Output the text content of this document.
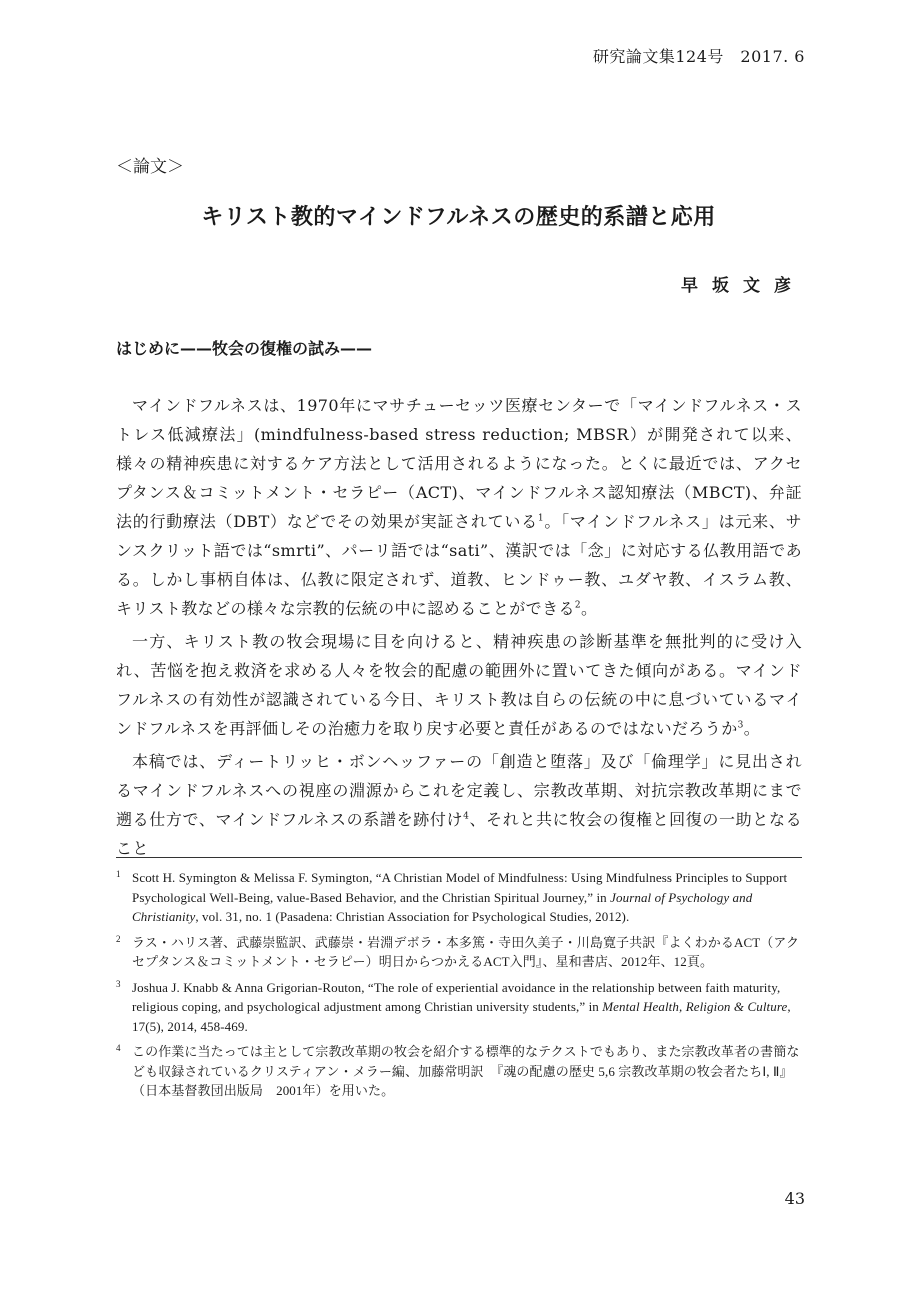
研究論文集124号　2017. 6
＜論文＞
キリスト教的マインドフルネスの歴史的系譜と応用
早坂文彦
はじめに——牧会の復権の試み——

マインドフルネスは、1970年にマサチューセッツ医療センターで「マインドフルネス・ストレス低減療法」(mindfulness-based stress reduction; MBSR）が開発されて以来、様々の精神疾患に対するケア方法として活用されるようになった。とくに最近では、アクセプタンス＆コミットメント・セラピー（ACT)、マインドフルネス認知療法（MBCT)、弁証法的行動療法（DBT）などでその効果が実証されている$^1$。「マインドフルネス」は元来、サンスクリット語では“smrti”、パーリ語では“sati”、漢訳では「念」に対応する仏教用語である。しかし事柄自体は、仏教に限定されず、道教、ヒンドゥー教、ユダヤ教、イスラム教、キリスト教などの様々な宗教的伝統の中に認めることができる$^2$。

一方、キリスト教の牧会現場に目を向けると、精神疾患の診断基準を無批判的に受け入れ、苦悩を抱え救済を求める人々を牧会的配慮の範囲外に置いてきた傾向がある。マインドフルネスの有効性が認識されている今日、キリスト教は自らの伝統の中に息づいているマインドフルネスを再評価しその治癒力を取り戻す必要と責任があるのではないだろうか$^3$。

本稿では、ディートリッヒ・ボンヘッファーの「創造と堕落」及び「倫理学」に見出されるマインドフルネスへの視座の淵源からこれを定義し、宗教改革期、対抗宗教改革期にまで遡る仕方で、マインドフルネスの系譜を跡付け$^4$、それと共に牧会の復権と回復の一助となること

1 Scott H. Symington & Melissa F. Symington, “A Christian Model of Mindfulness: Using Mindfulness Principles to Support Psychological Well-Being, value-Based Behavior, and the Christian Spiritual Journey,” in Journal of Psychology and Christianity, vol. 31, no. 1 (Pasadena: Christian Association for Psychological Studies, 2012).
2 ラス・ハリス著、武藤崇監訳、武藤崇・岩淵デボラ・本多篤・寺田久美子・川島寛子共訳『よくわかるACT（アクセプタンス＆コミットメント・セラピー）明日からつかえるACT入門』、星和書店、2012年、12頁。
3 Joshua J. Knabb & Anna Grigorian-Routon, “The role of experiential avoidance in the relationship between faith maturity, religious coping, and psychological adjustment among Christian university students,” in Mental Health, Religion & Culture, 17(5), 2014, 458-469.
4 この作業に当たっては主として宗教改革期の牧会を紹介する標準的なテクストでもあり、また宗教改革者の書簡なども収録されているクリスティアン・メラー編、加藤常明訳　『魂の配慮の歴史 5,6 宗教改革期の牧会者たちⅠ, Ⅱ』（日本基督教団出版局　2001年）を用いた。
43
